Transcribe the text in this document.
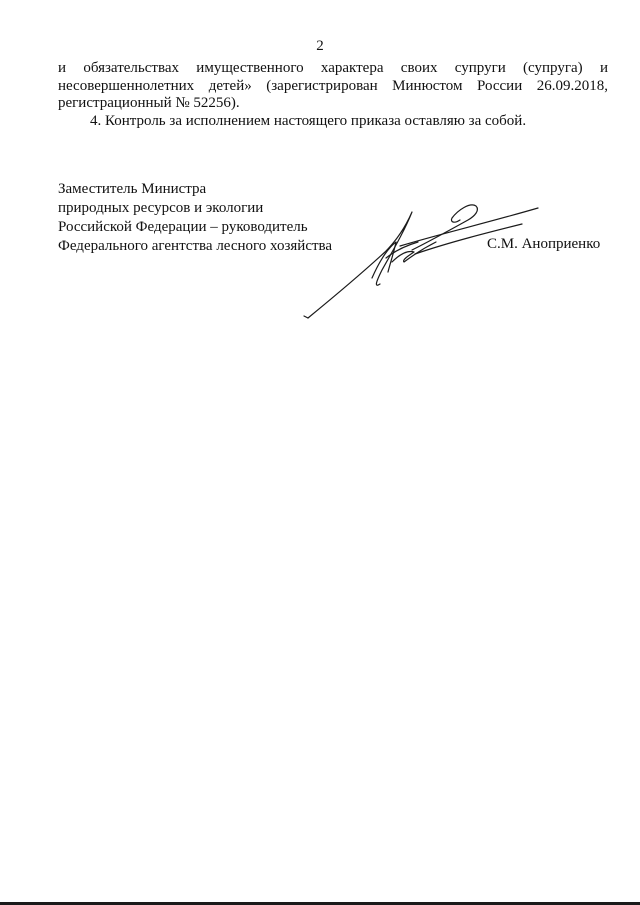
2

и обязательствах имущественного характера своих супруги (супруга) и несовершеннолетних детей» (зарегистрирован Минюстом России 26.09.2018, регистрационный № 52256).

4. Контроль за исполнением настоящего приказа оставляю за собой.

Заместитель Министра
природных ресурсов и экологии
Российской Федерации – руководитель
Федерального агентства лесного хозяйства	С.М. Аноприенко
